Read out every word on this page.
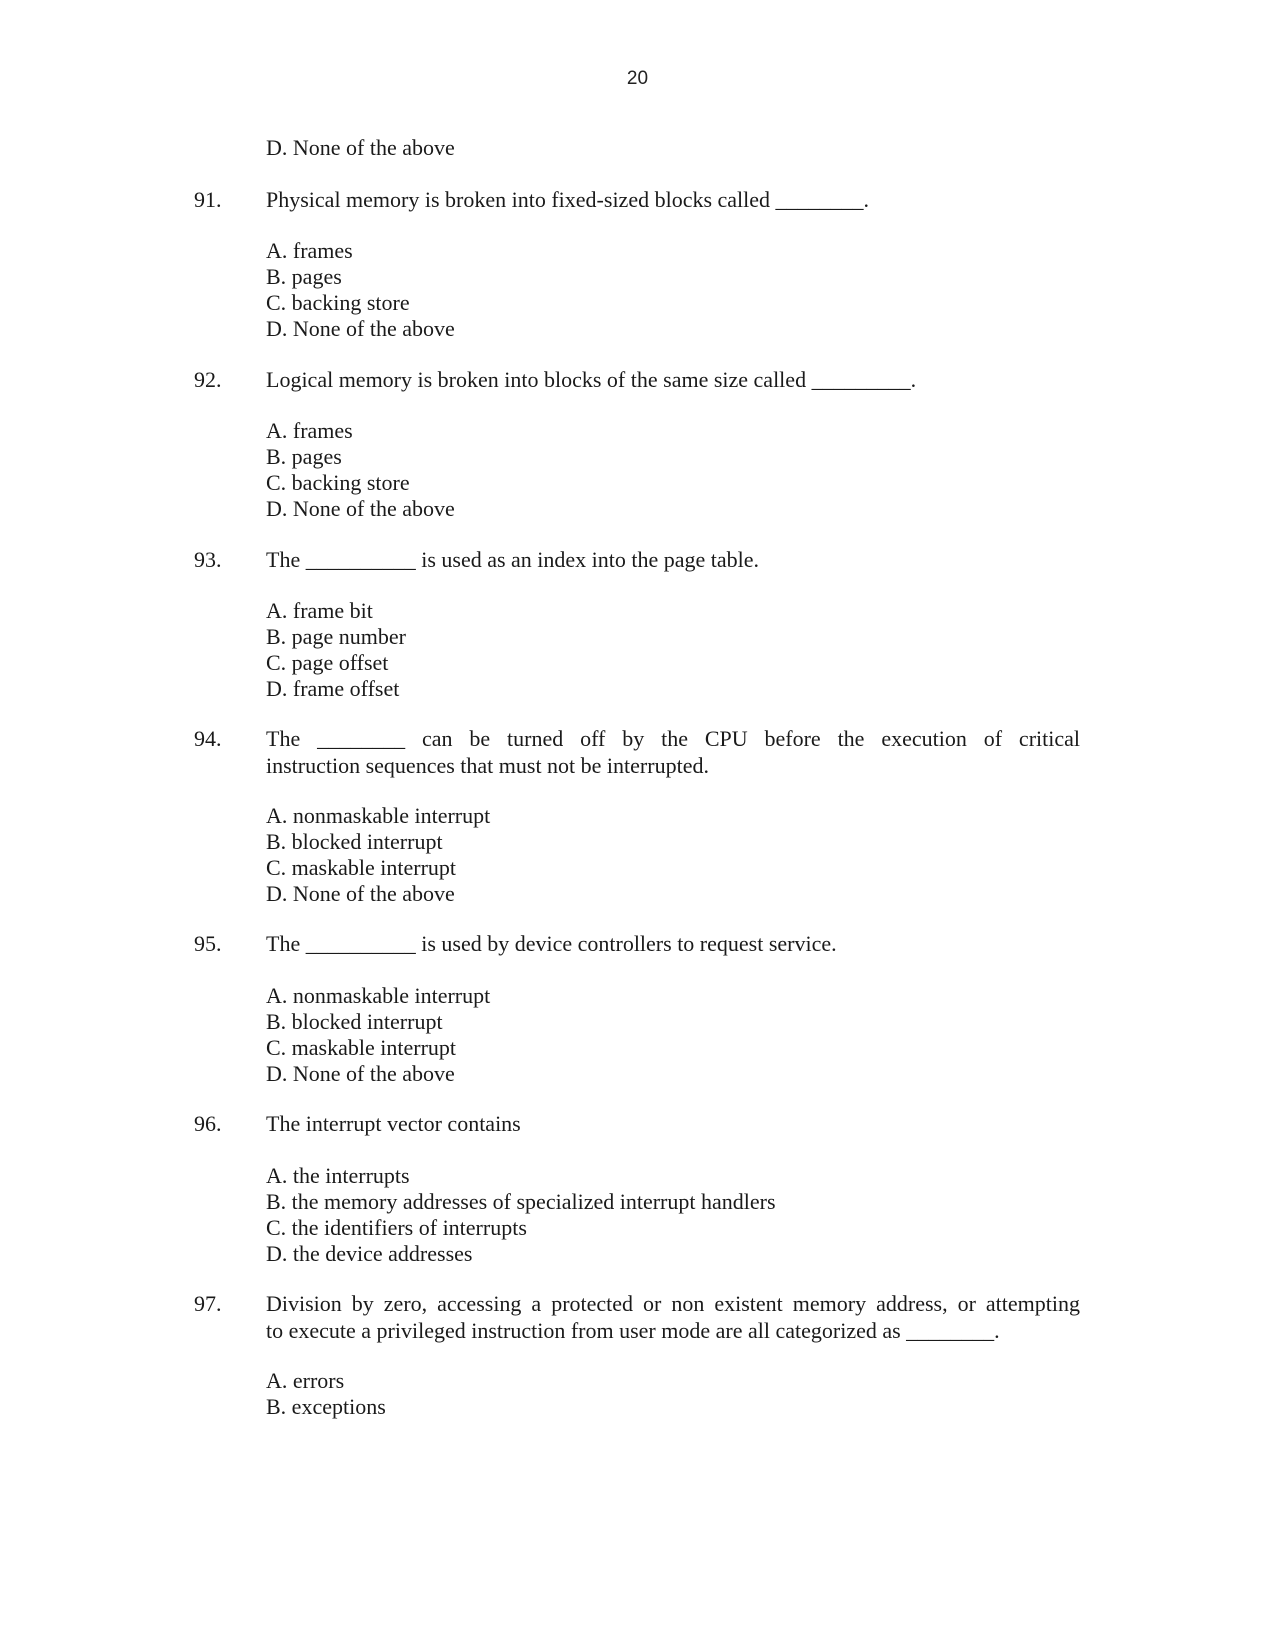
20
D. None of the above
91. Physical memory is broken into fixed-sized blocks called ________.
A. frames
B. pages
C. backing store
D. None of the above
92. Logical memory is broken into blocks of the same size called _________.
A. frames
B. pages
C. backing store
D. None of the above
93. The __________ is used as an index into the page table.
A. frame bit
B. page number
C. page offset
D. frame offset
94. The ________ can be turned off by the CPU before the execution of critical
instruction sequences that must not be interrupted.
A. nonmaskable interrupt
B. blocked interrupt
C. maskable interrupt
D. None of the above
95. The __________ is used by device controllers to request service.
A. nonmaskable interrupt
B. blocked interrupt
C. maskable interrupt
D. None of the above
96. The interrupt vector contains
A. the interrupts
B. the memory addresses of specialized interrupt handlers
C. the identifiers of interrupts
D. the device addresses
97. Division by zero, accessing a protected or non existent memory address, or attempting
to execute a privileged instruction from user mode are all categorized as ________.
A. errors
B. exceptions
